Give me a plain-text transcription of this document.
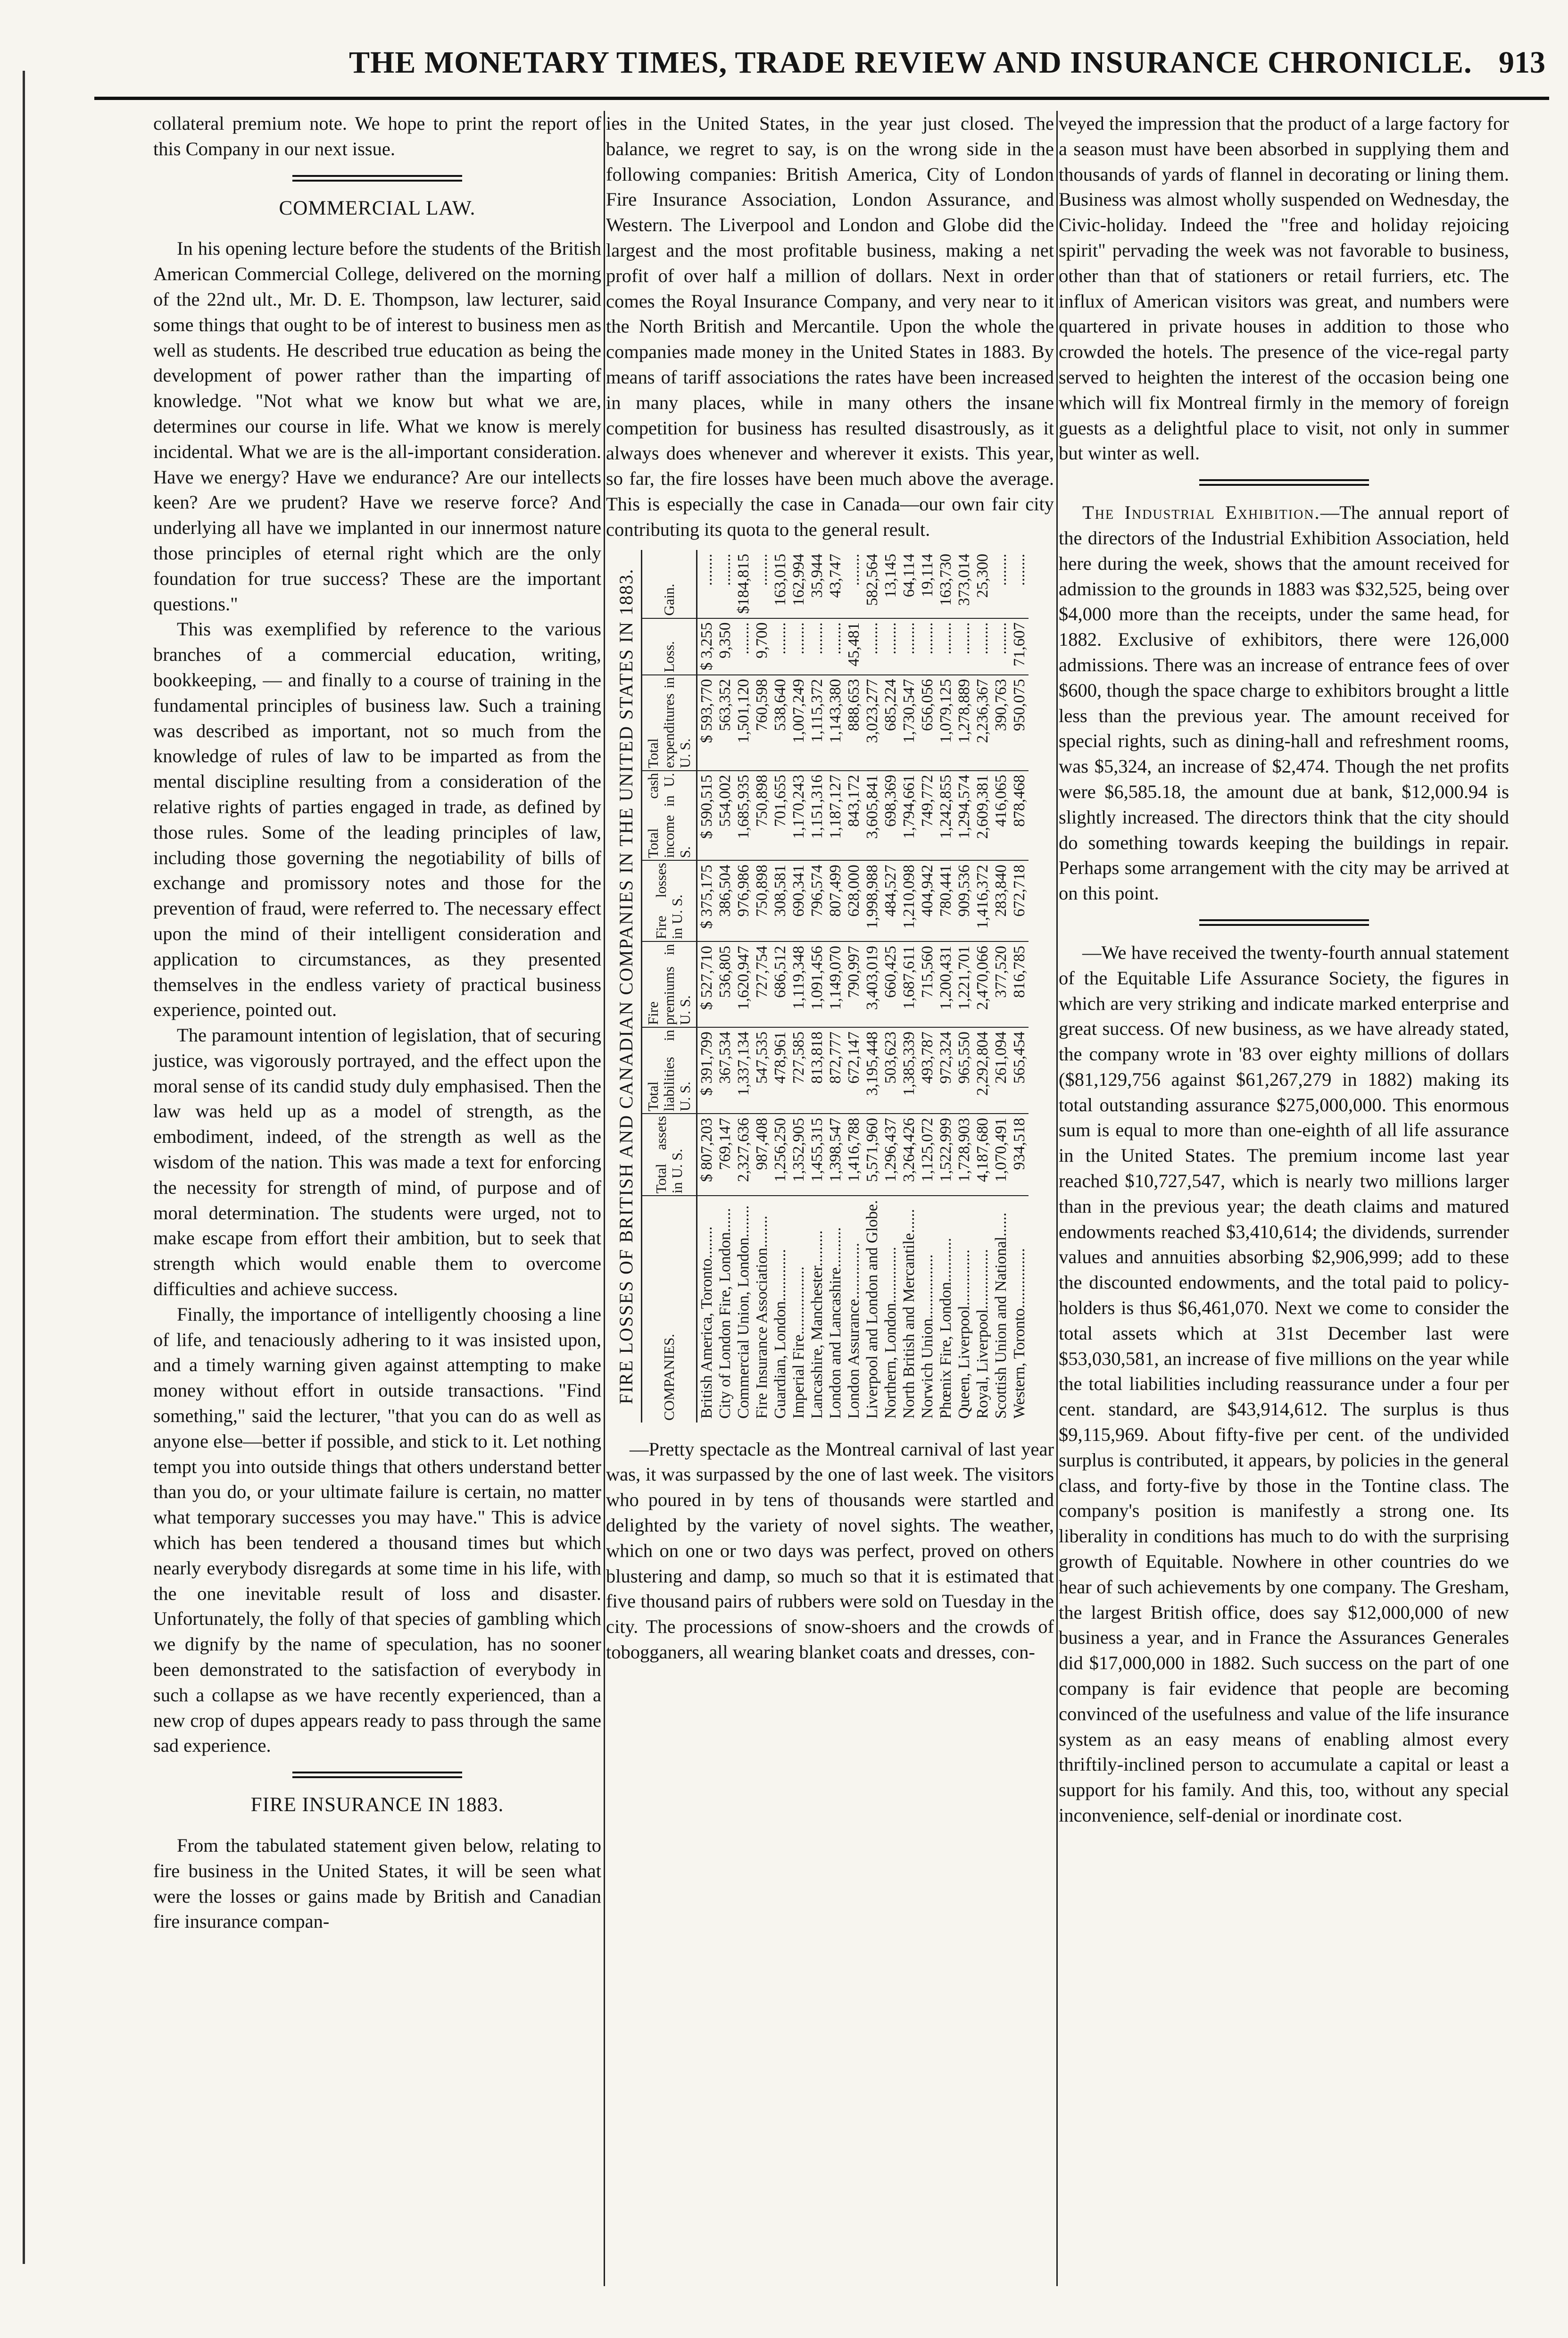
THE MONETARY TIMES, TRADE REVIEW AND INSURANCE CHRONICLE. 913

collateral premium note. We hope to print the report of this Company in our next issue.

COMMERCIAL LAW.

In his opening lecture before the students of the British American Commercial College, delivered on the morning of the 22nd ult., Mr. D. E. Thompson, law lecturer, said some things that ought to be of interest to business men as well as students. He described true education as being the development of power rather than the imparting of knowledge. "Not what we know but what we are, determines our course in life. What we know is merely incidental. What we are is the all-important consideration. Have we energy? Have we endurance? Are our intellects keen? Are we prudent? Have we reserve force? And underlying all have we implanted in our innermost nature those principles of eternal right which are the only foundation for true success? These are the important questions."

This was exemplified by reference to the various branches of a commercial education, writing, bookkeeping, — and finally to a course of training in the fundamental principles of business law. Such a training was described as important, not so much from the knowledge of rules of law to be imparted as from the mental discipline resulting from a consideration of the relative rights of parties engaged in trade, as defined by those rules. Some of the leading principles of law, including those governing the negotiability of bills of exchange and promissory notes and those for the prevention of fraud, were referred to. The necessary effect upon the mind of their intelligent consideration and application to circumstances, as they presented themselves in the endless variety of practical business experience, pointed out.

The paramount intention of legislation, that of securing justice, was vigorously portrayed, and the effect upon the moral sense of its candid study duly emphasised. Then the law was held up as a model of strength, as the embodiment, indeed, of the strength as well as the wisdom of the nation. This was made a text for enforcing the necessity for strength of mind, of purpose and of moral determination. The students were urged, not to make escape from effort their ambition, but to seek that strength which would enable them to overcome difficulties and achieve success.

Finally, the importance of intelligently choosing a line of life, and tenaciously adhering to it was insisted upon, and a timely warning given against attempting to make money without effort in outside transactions. "Find something," said the lecturer, "that you can do as well as anyone else—better if possible, and stick to it. Let nothing tempt you into outside things that others understand better than you do, or your ultimate failure is certain, no matter what temporary successes you may have." This is advice which has been tendered a thousand times but which nearly everybody disregards at some time in his life, with the one inevitable result of loss and disaster. Unfortunately, the folly of that species of gambling which we dignify by the name of speculation, has no sooner been demonstrated to the satisfaction of everybody in such a collapse as we have recently experienced, than a new crop of dupes appears ready to pass through the same sad experience.

FIRE INSURANCE IN 1883.

From the tabulated statement given below, relating to fire business in the United States, it will be seen what were the losses or gains made by British and Canadian fire insurance compan-

ies in the United States, in the year just closed. The balance, we regret to say, is on the wrong side in the following companies: British America, City of London Fire Insurance Association, London Assurance, and Western. The Liverpool and London and Globe did the largest and the most profitable business, making a net profit of over half a million of dollars. Next in order comes the Royal Insurance Company, and very near to it the North British and Mercantile. Upon the whole the companies made money in the United States in 1883. By means of tariff associations the rates have been increased in many places, while in many others the insane competition for business has resulted disastrously, as it always does whenever and wherever it exists. This year, so far, the fire losses have been much above the average. This is especially the case in Canada—our own fair city contributing its quota to the general result.

FIRE LOSSES OF BRITISH AND CANADIAN COMPANIES IN THE UNITED STATES IN 1883.	COMPANIES.	Total assets in U. S.	Total liabilities in U. S.	Fire premiums in U. S.	Fire losses in U. S.	Total cash income in U. S.	Total expenditures in U. S.	Loss.	Gain.
British America, Toronto........	$ 807,203	$ 391,799	$ 527,710	$ 375,175	$ 590,515	$ 593,770	$ 3,255	........
City of London Fire, London......	769,147	367,534	536,805	386,504	554,002	563,352	9,350	........
Commercial Union, London........	2,327,636	1,337,134	1,620,947	976,986	1,685,935	1,501,120	........	$184,815
Fire Insurance Association........	987,408	547,535	727,754	750,898	750,898	760,598	9,700	........
Guardian, London.............	1,256,250	478,961	686,512	308,581	701,655	538,640	........	163,015
Imperial Fire.................	1,352,905	727,585	1,119,348	690,341	1,170,243	1,007,249	........	162,994
Lancashire, Manchester.........	1,455,315	813,818	1,091,456	796,574	1,151,316	1,115,372	........	35,944
London and Lancashire..........	1,398,547	872,777	1,149,070	807,499	1,187,127	1,143,380	........	43,747
London Assurance..............	1,416,788	672,147	790,997	628,000	843,172	888,653	45,481	........
Liverpool and London and Globe.	5,571,960	3,195,448	3,403,019	1,998,988	3,605,841	3,023,277	........	582,564
Northern, London..............	1,296,437	503,623	660,425	484,527	698,369	685,224	........	13,145
North British and Mercantile......	3,264,426	1,385,339	1,687,611	1,210,098	1,794,661	1,730,547	........	64,114
Norwich Union................	1,125,072	493,787	715,560	404,942	749,772	656,056	........	19,114
Phœnix Fire, London...........	1,522,999	972,324	1,200,431	780,441	1,242,855	1,079,125	........	163,730
Queen, Liverpool..............	1,728,903	965,550	1,221,701	909,536	1,294,574	1,278,889	........	373,014
Royal, Liverpool...............	4,187,680	2,292,804	2,470,066	1,416,372	2,609,381	2,236,367	........	25,300
Scottish Union and National......	1,070,491	261,094	377,520	283,840	416,065	390,763	........	........
Western, Toronto...............	934,518	565,454	816,785	672,718	878,468	950,075	71,607	........

—Pretty spectacle as the Montreal carnival of last year was, it was surpassed by the one of last week. The visitors who poured in by tens of thousands were startled and delighted by the variety of novel sights. The weather, which on one or two days was perfect, proved on others blustering and damp, so much so that it is estimated that five thousand pairs of rubbers were sold on Tuesday in the city. The processions of snow-shoers and the crowds of tobogganers, all wearing blanket coats and dresses, con-

veyed the impression that the product of a large factory for a season must have been absorbed in supplying them and thousands of yards of flannel in decorating or lining them. Business was almost wholly suspended on Wednesday, the Civic-holiday. Indeed the "free and holiday rejoicing spirit" pervading the week was not favorable to business, other than that of stationers or retail furriers, etc. The influx of American visitors was great, and numbers were quartered in private houses in addition to those who crowded the hotels. The presence of the vice-regal party served to heighten the interest of the occasion being one which will fix Montreal firmly in the memory of foreign guests as a delightful place to visit, not only in summer but winter as well.

The Industrial Exhibition.—The annual report of the directors of the Industrial Exhibition Association, held here during the week, shows that the amount received for admission to the grounds in 1883 was $32,525, being over $4,000 more than the receipts, under the same head, for 1882. Exclusive of exhibitors, there were 126,000 admissions. There was an increase of entrance fees of over $600, though the space charge to exhibitors brought a little less than the previous year. The amount received for special rights, such as dining-hall and refreshment rooms, was $5,324, an increase of $2,474. Though the net profits were $6,585.18, the amount due at bank, $12,000.94 is slightly increased. The directors think that the city should do something towards keeping the buildings in repair. Perhaps some arrangement with the city may be arrived at on this point.

—We have received the twenty-fourth annual statement of the Equitable Life Assurance Society, the figures in which are very striking and indicate marked enterprise and great success. Of new business, as we have already stated, the company wrote in '83 over eighty millions of dollars ($81,129,756 against $61,267,279 in 1882) making its total outstanding assurance $275,000,000. This enormous sum is equal to more than one-eighth of all life assurance in the United States. The premium income last year reached $10,727,547, which is nearly two millions larger than in the previous year; the death claims and matured endowments reached $3,410,614; the dividends, surrender values and annuities absorbing $2,906,999; add to these the discounted endowments, and the total paid to policy-holders is thus $6,461,070. Next we come to consider the total assets which at 31st December last were $53,030,581, an increase of five millions on the year while the total liabilities including reassurance under a four per cent. standard, are $43,914,612. The surplus is thus $9,115,969. About fifty-five per cent. of the undivided surplus is contributed, it appears, by policies in the general class, and forty-five by those in the Tontine class. The company's position is manifestly a strong one. Its liberality in conditions has much to do with the surprising growth of Equitable. Nowhere in other countries do we hear of such achievements by one company. The Gresham, the largest British office, does say $12,000,000 of new business a year, and in France the Assurances Generales did $17,000,000 in 1882. Such success on the part of one company is fair evidence that people are becoming convinced of the usefulness and value of the life insurance system as an easy means of enabling almost every thriftily-inclined person to accumulate a capital or least a support for his family. And this, too, without any special inconvenience, self-denial or inordinate cost.
